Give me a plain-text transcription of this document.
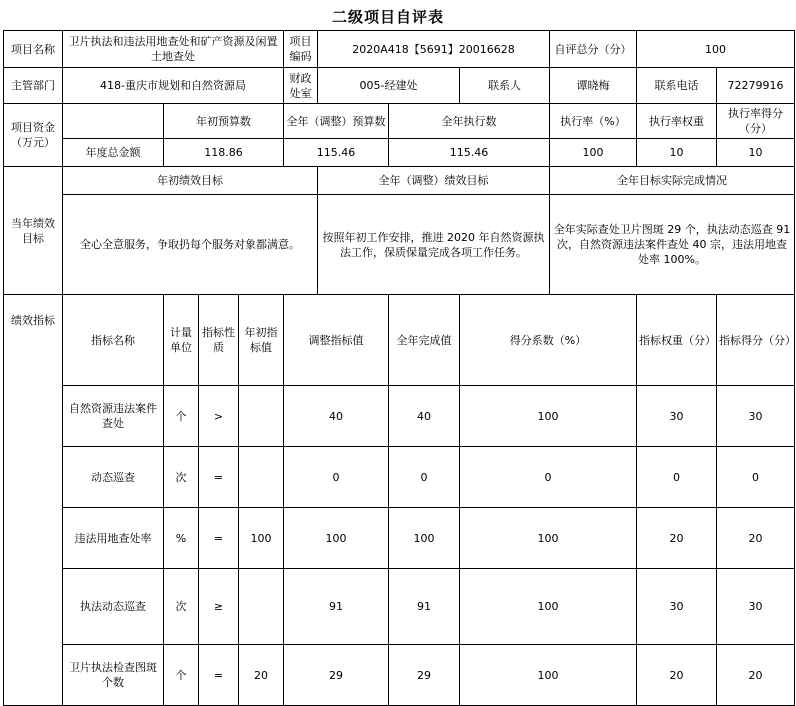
二级项目自评表
项目名称	卫片执法和违法用地查处和矿产资源及闲置土地查处				项目编码	2020A418【5691】20016628			自评总分（分）	100		
主管部门	418-重庆市规划和自然资源局				财政处室	005-经建处		联系人	谭晓梅	联系电话	72279916	
项目资金（万元）		年初预算数			全年（调整）预算数		全年执行数		执行率（%）	执行率权重	执行率得分（分）	
	年度总金额	118.86			115.46		115.46		100	10	10	
当年绩效目标	年初绩效目标					全年（调整）绩效目标			全年目标实际完成情况			
	全心全意服务，争取扔每个服务对象都满意。					按照年初工作安排，推进 2020 年自然资源执法工作，保质保量完成各项工作任务。			全年实际查处卫片图斑 29 个，执法动态巡查 91 次，自然资源违法案件查处 40 宗，违法用地查处率 100%。			
绩效指标	指标名称	计量单位	指标性质	年初指标值	调整指标值		全年完成值	得分系数（%）		指标权重（分）	指标得分（分）	
	自然资源违法案件查处	个	>		40		40	100		30	30	
	动态巡查	次	=		0		0	0		0	0	
	违法用地查处率	%	=	100	100		100	100		20	20	
	执法动态巡查	次	≥		91		91	100		30	30	
	卫片执法检查图斑个数	个	=	20	29		29	100		20	20	
